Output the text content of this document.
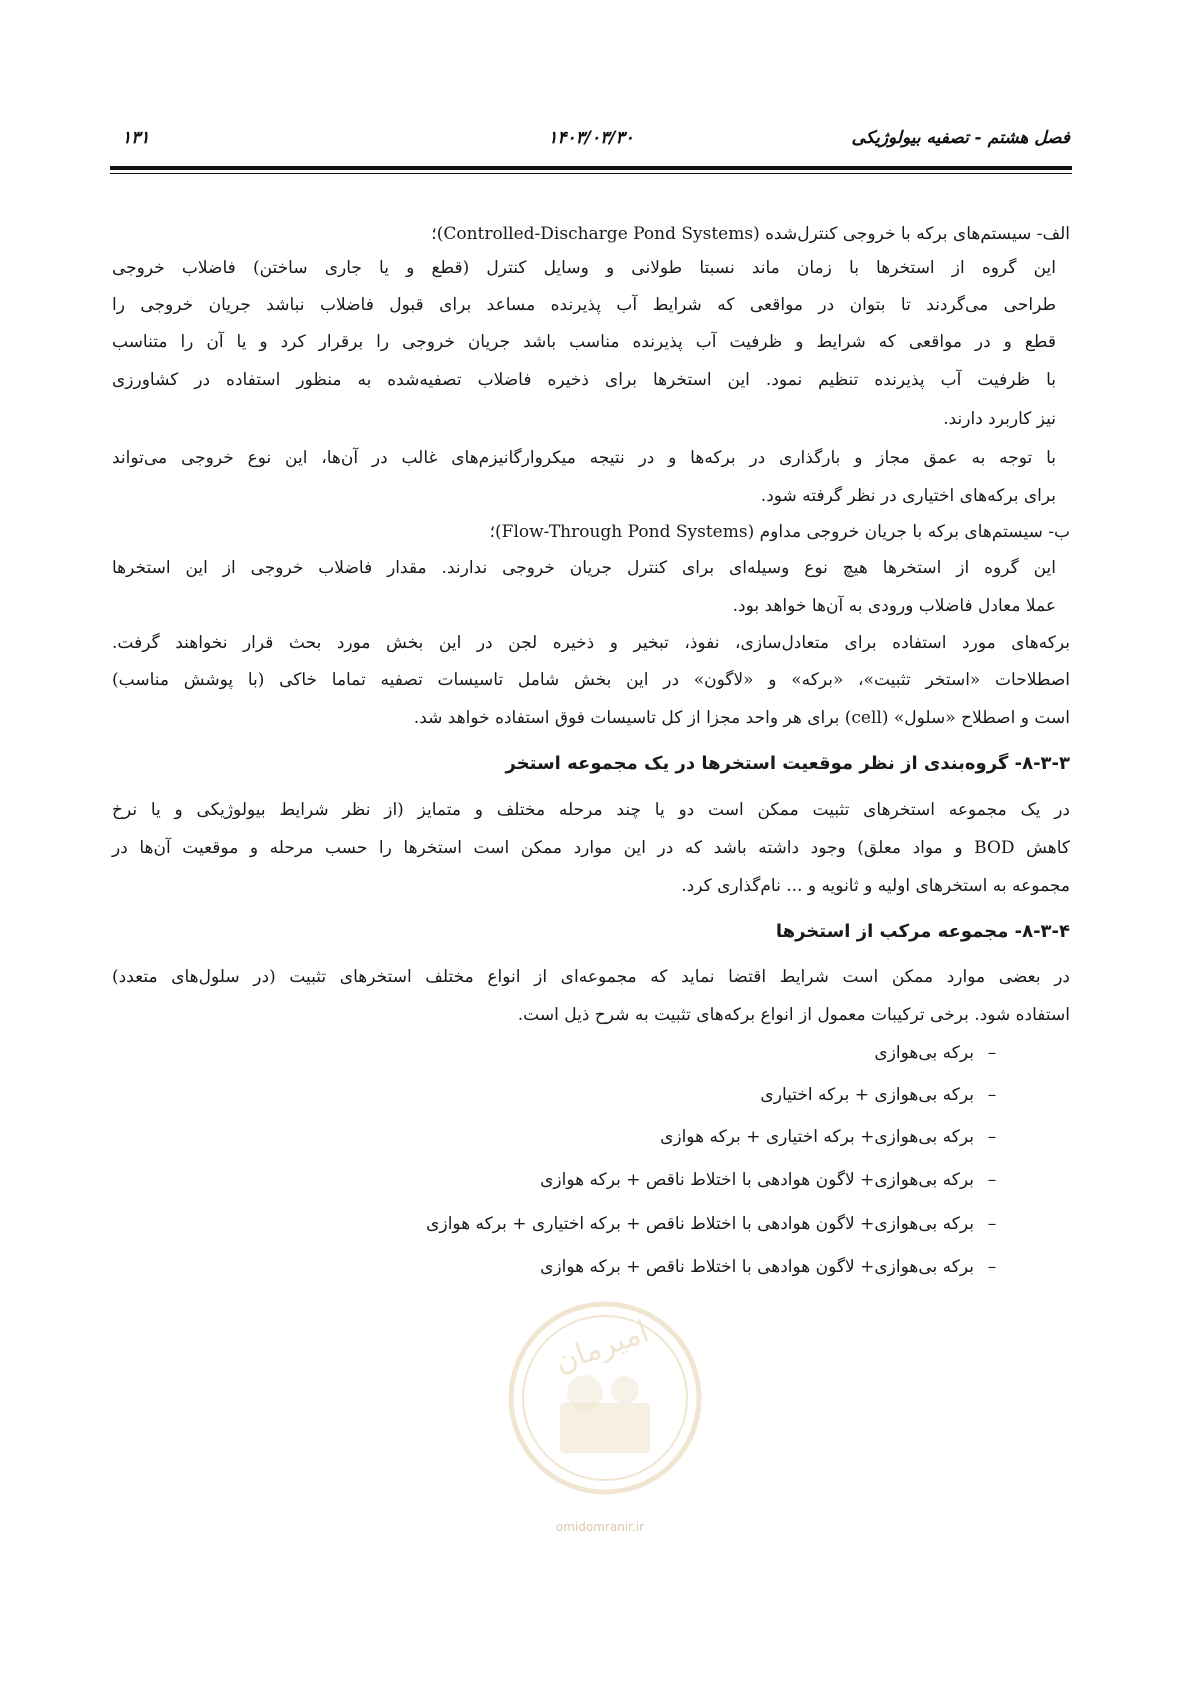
فصل هشتم - تصفیه بیولوژیکی
۱۴۰۳/۰۳/۳۰
۱۳۱
الف- سیستم‌های برکه با خروجی کنترل‌شده (Controlled-Discharge Pond Systems)؛
این گروه از استخرها با زمان ماند نسبتا طولانی و وسایل کنترل (قطع و یا جاری ساختن) فاضلاب خروجی
طراحی می‌گردند تا بتوان در مواقعی که شرایط آب پذیرنده مساعد برای قبول فاضلاب نباشد جریان خروجی را
قطع و در مواقعی که شرایط و ظرفیت آب پذیرنده مناسب باشد جریان خروجی را برقرار کرد و یا آن را متناسب
با ظرفیت آب پذیرنده تنظیم نمود. این استخرها برای ذخیره فاضلاب تصفیه‌شده به منظور استفاده در کشاورزی
نیز کاربرد دارند.
با توجه به عمق مجاز و بارگذاری در برکه‌ها و در نتیجه میکروارگانیزم‌های غالب در آن‌ها، این نوع خروجی می‌تواند
برای برکه‌های اختیاری در نظر گرفته شود.
ب- سیستم‌های برکه با جریان خروجی مداوم (Flow-Through Pond Systems)؛
این گروه از استخرها هیچ نوع وسیله‌ای برای کنترل جریان خروجی ندارند. مقدار فاضلاب خروجی از این استخرها
عملا معادل فاضلاب ورودی به آن‌ها خواهد بود.
برکه‌های مورد استفاده برای متعادل‌سازی، نفوذ، تبخیر و ذخیره لجن در این بخش مورد بحث قرار نخواهند گرفت.
اصطلاحات «استخر تثبیت»، «برکه» و «لاگون» در این بخش شامل تاسیسات تصفیه تماما خاکی (با پوشش مناسب)
است و اصطلاح «سلول» (cell) برای هر واحد مجزا از کل تاسیسات فوق استفاده خواهد شد.
۸-۳-۳- گروه‌بندی از نظر موقعیت استخرها در یک مجموعه استخر
در یک مجموعه استخرهای تثبیت ممکن است دو یا چند مرحله مختلف و متمایز (از نظر شرایط بیولوژیکی و یا نرخ
کاهش BOD و مواد معلق) وجود داشته باشد که در این موارد ممکن است استخرها را حسب مرحله و موقعیت آن‌ها در
مجموعه به استخرهای اولیه و ثانویه و ... نام‌گذاری کرد.
۸-۳-۴- مجموعه مرکب از استخرها
در بعضی موارد ممکن است شرایط اقتضا نماید که مجموعه‌ای از انواع مختلف استخرهای تثبیت (در سلول‌های متعدد)
استفاده شود. برخی ترکیبات معمول از انواع برکه‌های تثبیت به شرح ذیل است.
–برکه بی‌هوازی
–برکه بی‌هوازی + برکه اختیاری
–برکه بی‌هوازی+ برکه اختیاری + برکه هوازی
–برکه بی‌هوازی+ لاگون هوادهی با اختلاط ناقص + برکه هوازی
–برکه بی‌هوازی+ لاگون هوادهی با اختلاط ناقص + برکه اختیاری + برکه هوازی
–برکه بی‌هوازی+ لاگون هوادهی با اختلاط ناقص + برکه هوازی
امیرمان
omidomranir.ir
